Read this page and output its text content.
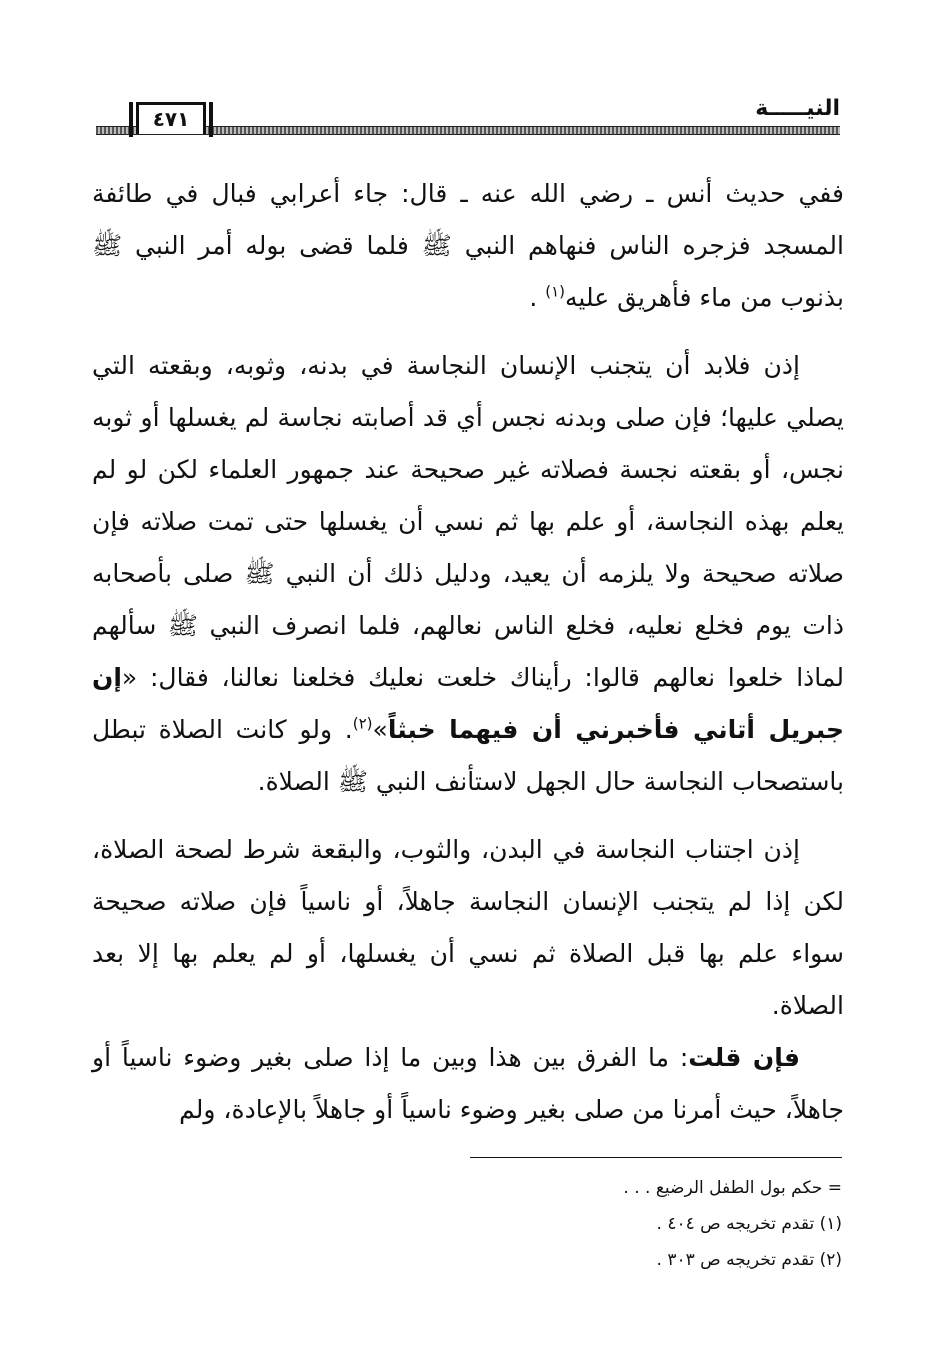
٤٧١	النيـــــة

ففي حديث أنس ـ رضي الله عنه ـ قال: جاء أعرابي فبال في طائفة المسجد فزجره الناس فنهاهم النبي ﷺ فلما قضى بوله أمر النبي ﷺ بذنوب من ماء فأهريق عليه$^{(١)}$ .

إذن فلابد أن يتجنب الإنسان النجاسة في بدنه، وثوبه، وبقعته التي يصلي عليها؛ فإن صلى وبدنه نجس أي قد أصابته نجاسة لم يغسلها أو ثوبه نجس، أو بقعته نجسة فصلاته غير صحيحة عند جمهور العلماء لكن لو لم يعلم بهذه النجاسة، أو علم بها ثم نسي أن يغسلها حتى تمت صلاته فإن صلاته صحيحة ولا يلزمه أن يعيد، ودليل ذلك أن النبي ﷺ صلى بأصحابه ذات يوم فخلع نعليه، فخلع الناس نعالهم، فلما انصرف النبي ﷺ سألهم لماذا خلعوا نعالهم قالوا: رأيناك خلعت نعليك فخلعنا نعالنا، فقال: «إن جبريل أتاني فأخبرني أن فيهما خبثاً»$^{(٢)}$. ولو كانت الصلاة تبطل باستصحاب النجاسة حال الجهل لاستأنف النبي ﷺ الصلاة.

إذن اجتناب النجاسة في البدن، والثوب، والبقعة شرط لصحة الصلاة، لكن إذا لم يتجنب الإنسان النجاسة جاهلاً، أو ناسياً فإن صلاته صحيحة سواء علم بها قبل الصلاة ثم نسي أن يغسلها، أو لم يعلم بها إلا بعد الصلاة.

فإن قلت: ما الفرق بين هذا وبين ما إذا صلى بغير وضوء ناسياً أو جاهلاً، حيث أمرنا من صلى بغير وضوء ناسياً أو جاهلاً بالإعادة، ولم

= حكم بول الطفل الرضيع . . .

(١) تقدم تخريجه ص ٤٠٤ .

(٢) تقدم تخريجه ص ٣٠٣ .
